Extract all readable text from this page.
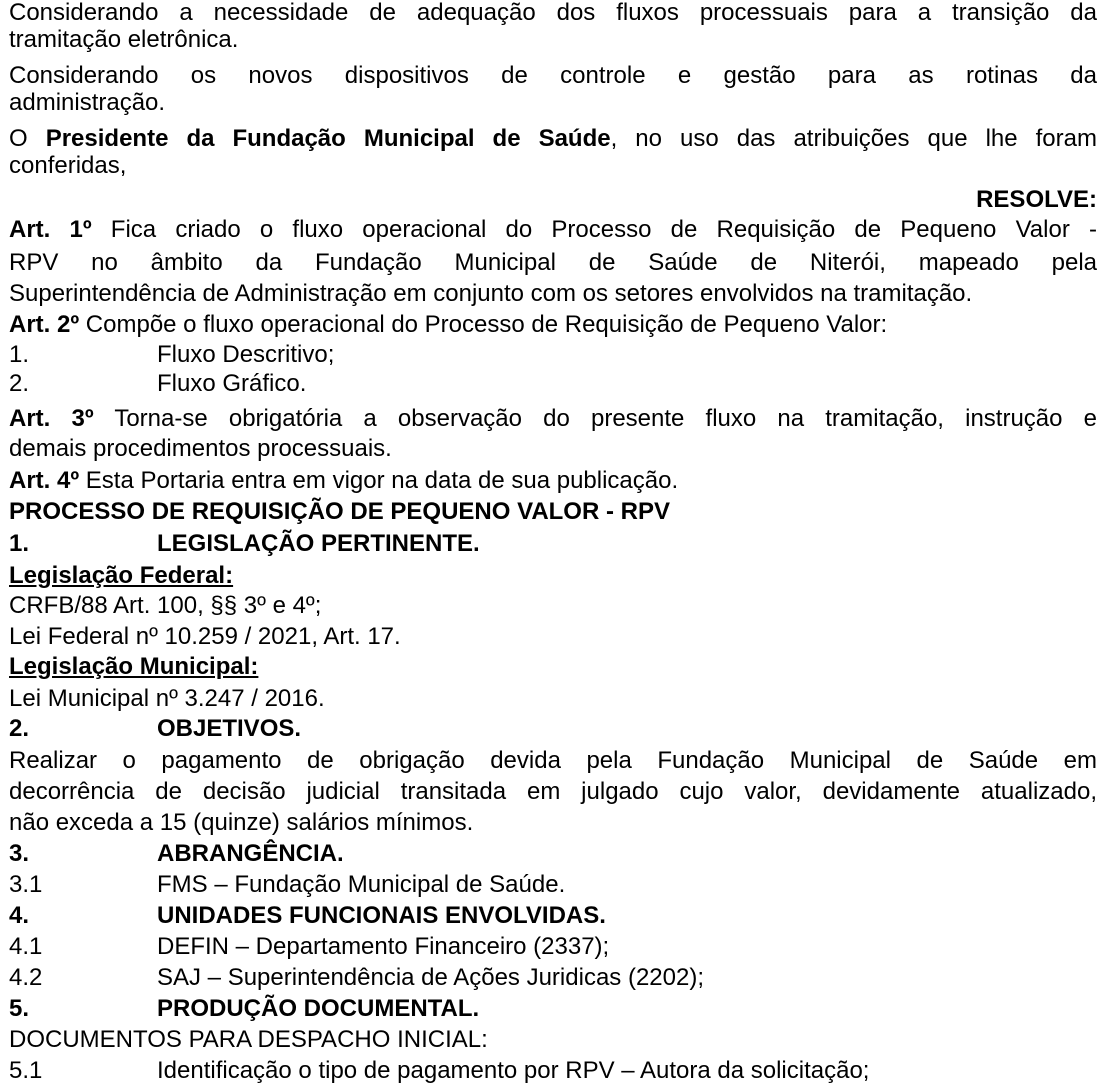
Considerando a necessidade de adequação dos fluxos processuais para a transição da
tramitação eletrônica.
Considerando os novos dispositivos de controle e gestão para as rotinas da
administração.
O Presidente da Fundação Municipal de Saúde, no uso das atribuições que lhe foram
conferidas,
RESOLVE:
Art. 1º Fica criado o fluxo operacional do Processo de Requisição de Pequeno Valor -
RPV no âmbito da Fundação Municipal de Saúde de Niterói, mapeado pela
Superintendência de Administração em conjunto com os setores envolvidos na tramitação.
Art. 2º Compõe o fluxo operacional do Processo de Requisição de Pequeno Valor:
1.	Fluxo Descritivo;
2.	Fluxo Gráfico.
Art. 3º Torna-se obrigatória a observação do presente fluxo na tramitação, instrução e
demais procedimentos processuais.
Art. 4º Esta Portaria entra em vigor na data de sua publicação.
PROCESSO DE REQUISIÇÃO DE PEQUENO VALOR - RPV
1.	LEGISLAÇÃO PERTINENTE.
Legislação Federal:
CRFB/88 Art. 100, §§ 3º e 4º;
Lei Federal nº 10.259 / 2021, Art. 17.
Legislação Municipal:
Lei Municipal nº 3.247 / 2016.
2.	OBJETIVOS.
Realizar o pagamento de obrigação devida pela Fundação Municipal de Saúde em
decorrência de decisão judicial transitada em julgado cujo valor, devidamente atualizado,
não exceda a 15 (quinze) salários mínimos.
3.	ABRANGÊNCIA.
3.1	FMS – Fundação Municipal de Saúde.
4.	UNIDADES FUNCIONAIS ENVOLVIDAS.
4.1	DEFIN – Departamento Financeiro (2337);
4.2	SAJ – Superintendência de Ações Juridicas (2202);
5.	PRODUÇÃO DOCUMENTAL.
DOCUMENTOS PARA DESPACHO INICIAL:
5.1	Identificação o tipo de pagamento por RPV – Autora da solicitação;
